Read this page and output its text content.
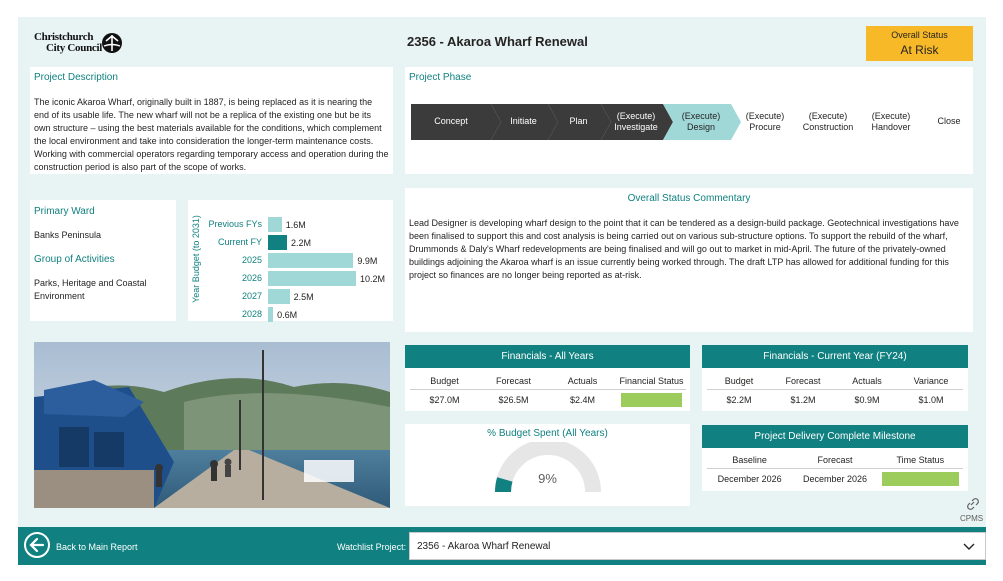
Christchurch
City Council	2356 - Akaroa Wharf Renewal	Overall Status
At Risk
Project Description
The iconic Akaroa Wharf, originally built in 1887, is being replaced as it is nearing the end of its usable life. The new wharf will not be a replica of the existing one but be its own structure – using the best materials available for the conditions, which complement the local environment and take into consideration the longer-term maintenance costs. Working with commercial operators regarding temporary access and operation during the construction period is also part of the scope of works.
Project Phase
Concept	Initiate	Plan	(Execute)
Investigate
(Execute)
Design
(Execute)
Procure
(Execute)
Construction
(Execute)
Handover
Close
Primary Ward
Banks Peninsula
Group of Activities
Parks, Heritage and Coastal Environment	Year Budget (to 2031) Previous FYs	1.6M
Current FY	2.2M
2025	9.9M
2026	10.2M
2027	2.5M
2028	0.6M
Overall Status Commentary
Lead Designer is developing wharf design to the point that it can be tendered as a design-build package. Geotechnical investigations have been finalised to support this and cost analysis is being carried out on various sub-structure options. To support the rebuild of the wharf, Drummonds & Daly's Wharf redevelopments are being finalised and will go out to market in mid-April. The future of the privately-owned buildings adjoining the Akaroa wharf is an issue currently being worked through. The draft LTP has allowed for additional funding for this project so finances are no longer being reported as at-risk.
Financials - All Years
Budget	Forecast	Actuals	Financial Status
$27.0M	$26.5M	$2.4M
Financials - Current Year (FY24)
Budget	Forecast	Actuals	Variance
$2.2M	$1.2M	$0.9M	$1.0M
% Budget Spent (All Years)
9%
Project Delivery Complete Milestone
Baseline	Forecast	Time Status
December 2026	December 2026
CPMS
Back to Main Report	Watchlist Project: 2356 - Akaroa Wharf Renewal
